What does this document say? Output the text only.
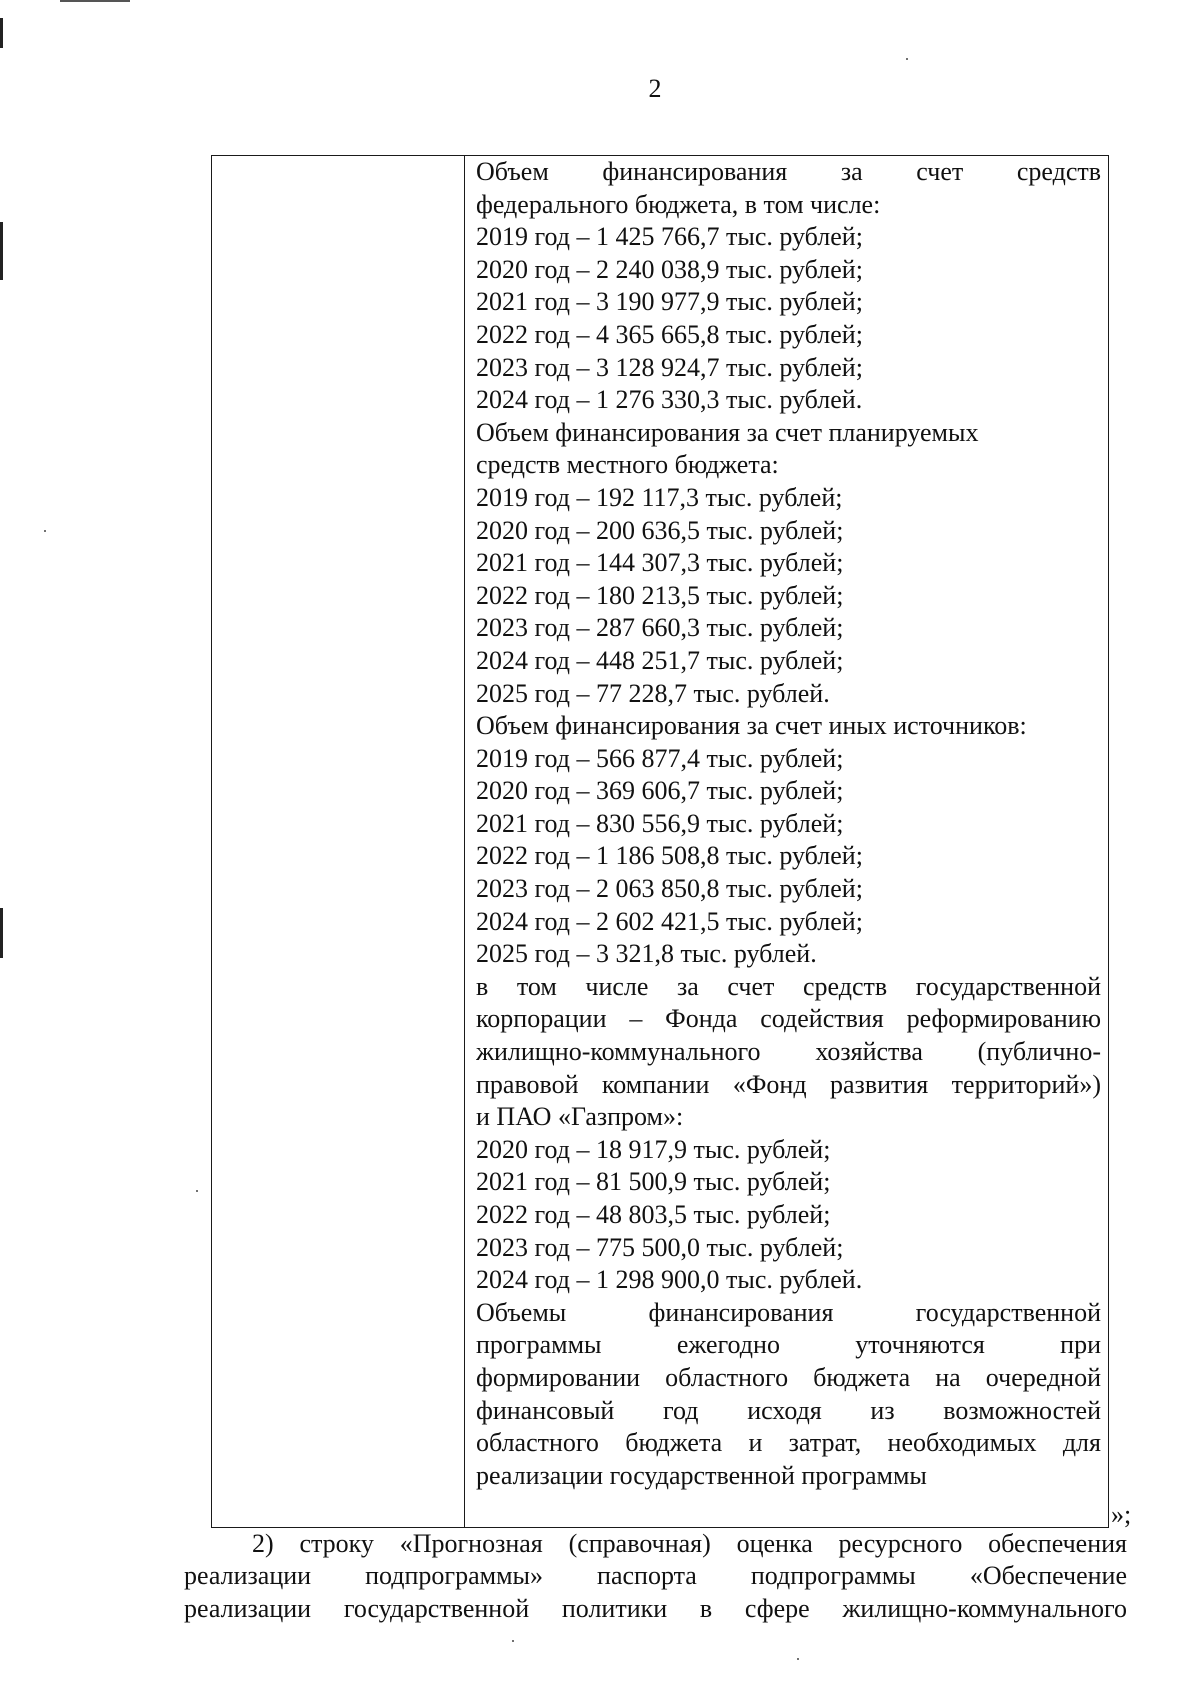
2
Объем финансирования за счет средств
федерального бюджета, в том числе:
2019 год – 1 425 766,7 тыс. рублей;
2020 год – 2 240 038,9 тыс. рублей;
2021 год – 3 190 977,9 тыс. рублей;
2022 год – 4 365 665,8 тыс. рублей;
2023 год – 3 128 924,7 тыс. рублей;
2024 год – 1 276 330,3 тыс. рублей.
Объем финансирования за счет планируемых
средств местного бюджета:
2019 год – 192 117,3 тыс. рублей;
2020 год – 200 636,5 тыс. рублей;
2021 год – 144 307,3 тыс. рублей;
2022 год – 180 213,5 тыс. рублей;
2023 год – 287 660,3 тыс. рублей;
2024 год – 448 251,7 тыс. рублей;
2025 год – 77 228,7 тыс. рублей.
Объем финансирования за счет иных источников:
2019 год – 566 877,4 тыс. рублей;
2020 год – 369 606,7 тыс. рублей;
2021 год – 830 556,9 тыс. рублей;
2022 год – 1 186 508,8 тыс. рублей;
2023 год – 2 063 850,8 тыс. рублей;
2024 год – 2 602 421,5 тыс. рублей;
2025 год – 3 321,8 тыс. рублей.
в том числе за счет средств государственной
корпорации – Фонда содействия реформированию
жилищно-коммунального хозяйства (публично-
правовой компании «Фонд развития территорий»)
и ПАО «Газпром»:
2020 год – 18 917,9 тыс. рублей;
2021 год – 81 500,9 тыс. рублей;
2022 год – 48 803,5 тыс. рублей;
2023 год – 775 500,0 тыс. рублей;
2024 год – 1 298 900,0 тыс. рублей.
Объемы финансирования государственной
программы ежегодно уточняются при
формировании областного бюджета на очередной
финансовый год исходя из возможностей
областного бюджета и затрат, необходимых для
реализации государственной программы
»;
2) строку «Прогнозная (справочная) оценка ресурсного обеспечения
реализации подпрограммы» паспорта подпрограммы «Обеспечение
реализации государственной политики в сфере жилищно-коммунального
